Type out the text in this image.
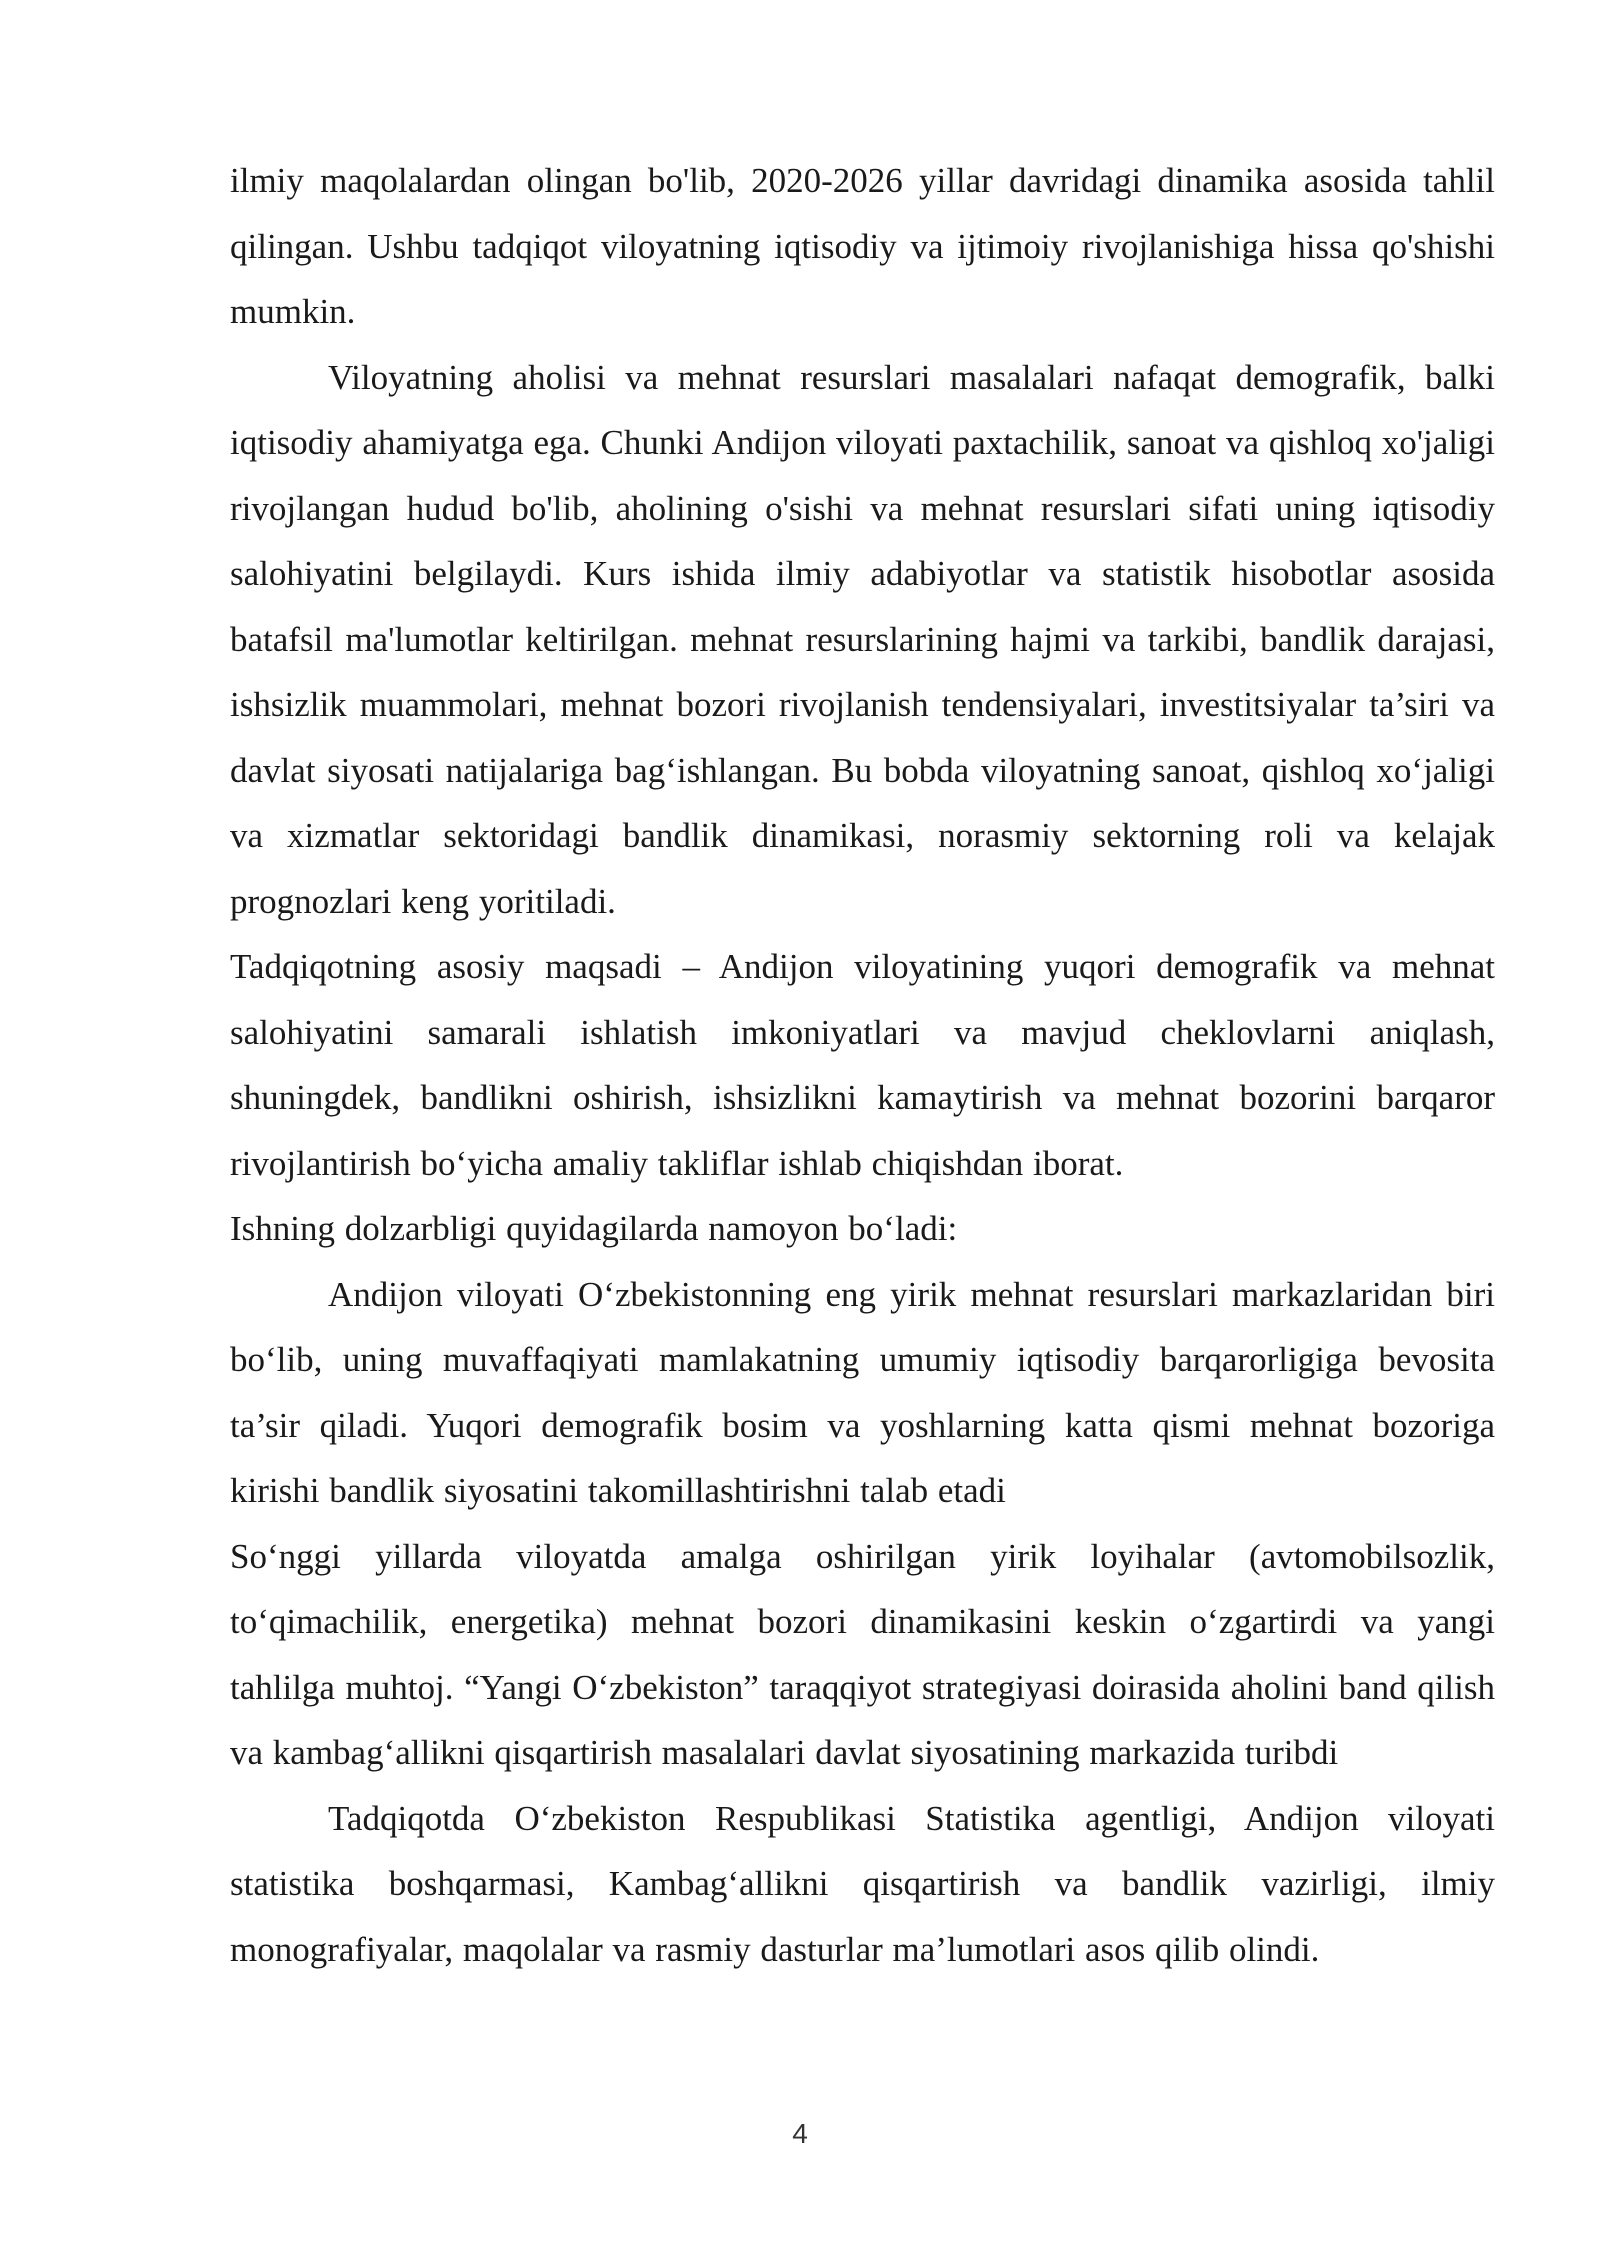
ilmiy maqolalardan olingan bo'lib, 2020-2026 yillar davridagi dinamika asosida tahlil qilingan. Ushbu tadqiqot viloyatning iqtisodiy va ijtimoiy rivojlanishiga hissa qo'shishi mumkin.

Viloyatning aholisi va mehnat resurslari masalalari nafaqat demografik, balki iqtisodiy ahamiyatga ega. Chunki Andijon viloyati paxtachilik, sanoat va qishloq xo'jaligi rivojlangan hudud bo'lib, aholining o'sishi va mehnat resurslari sifati uning iqtisodiy salohiyatini belgilaydi. Kurs ishida ilmiy adabiyotlar va statistik hisobotlar asosida batafsil ma'lumotlar keltirilgan. mehnat resurslarining hajmi va tarkibi, bandlik darajasi, ishsizlik muammolari, mehnat bozori rivojlanish tendensiyalari, investitsiyalar ta’siri va davlat siyosati natijalariga bag‘ishlangan. Bu bobda viloyatning sanoat, qishloq xo‘jaligi va xizmatlar sektoridagi bandlik dinamikasi, norasmiy sektorning roli va kelajak prognozlari keng yoritiladi.

Tadqiqotning asosiy maqsadi – Andijon viloyatining yuqori demografik va mehnat salohiyatini samarali ishlatish imkoniyatlari va mavjud cheklovlarni aniqlash, shuningdek, bandlikni oshirish, ishsizlikni kamaytirish va mehnat bozorini barqaror rivojlantirish bo‘yicha amaliy takliflar ishlab chiqishdan iborat.

Ishning dolzarbligi quyidagilarda namoyon bo‘ladi:

Andijon viloyati O‘zbekistonning eng yirik mehnat resurslari markazlaridan biri bo‘lib, uning muvaffaqiyati mamlakatning umumiy iqtisodiy barqarorligiga bevosita ta’sir qiladi. Yuqori demografik bosim va yoshlarning katta qismi mehnat bozoriga kirishi bandlik siyosatini takomillashtirishni talab etadi

So‘nggi yillarda viloyatda amalga oshirilgan yirik loyihalar (avtomobilsozlik, to‘qimachilik, energetika) mehnat bozori dinamikasini keskin o‘zgartirdi va yangi tahlilga muhtoj. “Yangi O‘zbekiston” taraqqiyot strategiyasi doirasida aholini band qilish va kambag‘allikni qisqartirish masalalari davlat siyosatining markazida turibdi

Tadqiqotda O‘zbekiston Respublikasi Statistika agentligi, Andijon viloyati statistika boshqarmasi, Kambag‘allikni qisqartirish va bandlik vazirligi, ilmiy monografiyalar, maqolalar va rasmiy dasturlar ma’lumotlari asos qilib olindi.

4
